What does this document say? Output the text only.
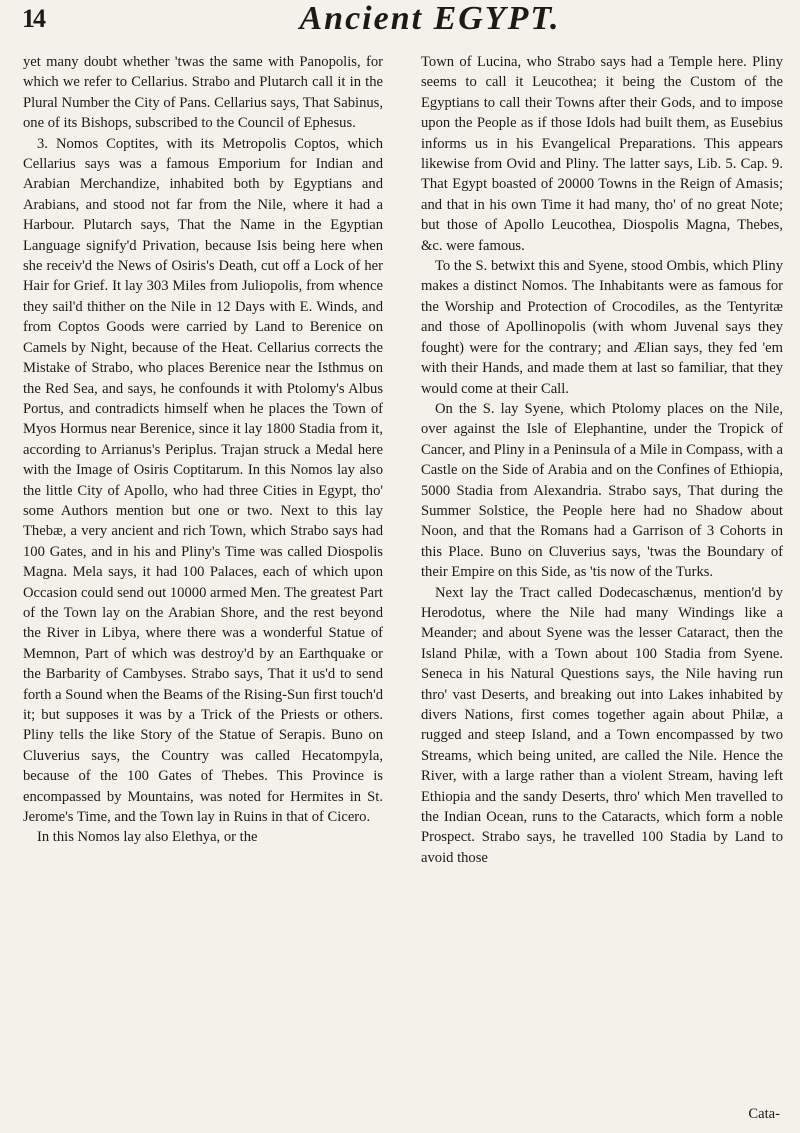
14	Ancient EGYPT.

yet many doubt whether 'twas the same with Panopolis, for which we refer to Cellarius. Strabo and Plutarch call it in the Plural Number the City of Pans. Cellarius says, That Sabinus, one of its Bishops, subscribed to the Council of Ephesus.

3. Nomos Coptites, with its Metropolis Coptos, which Cellarius says was a famous Emporium for Indian and Arabian Merchandize, inhabited both by Egyptians and Arabians, and stood not far from the Nile, where it had a Harbour. Plutarch says, That the Name in the Egyptian Language signify'd Privation, because Isis being here when she receiv'd the News of Osiris's Death, cut off a Lock of her Hair for Grief. It lay 303 Miles from Juliopolis, from whence they sail'd thither on the Nile in 12 Days with E. Winds, and from Coptos Goods were carried by Land to Berenice on Camels by Night, because of the Heat. Cellarius corrects the Mistake of Strabo, who places Berenice near the Isthmus on the Red Sea, and says, he confounds it with Ptolomy's Albus Portus, and contradicts himself when he places the Town of Myos Hormus near Berenice, since it lay 1800 Stadia from it, according to Arrianus's Periplus. Trajan struck a Medal here with the Image of Osiris Coptitarum. In this Nomos lay also the little City of Apollo, who had three Cities in Egypt, tho' some Authors mention but one or two. Next to this lay Thebæ, a very ancient and rich Town, which Strabo says had 100 Gates, and in his and Pliny's Time was called Diospolis Magna. Mela says, it had 100 Palaces, each of which upon Occasion could send out 10000 armed Men. The greatest Part of the Town lay on the Arabian Shore, and the rest beyond the River in Libya, where there was a wonderful Statue of Memnon, Part of which was destroy'd by an Earthquake or the Barbarity of Cambyses. Strabo says, That it us'd to send forth a Sound when the Beams of the Rising-Sun first touch'd it; but supposes it was by a Trick of the Priests or others. Pliny tells the like Story of the Statue of Serapis. Buno on Cluverius says, the Country was called Hecatompyla, because of the 100 Gates of Thebes. This Province is encompassed by Mountains, was noted for Hermites in St. Jerome's Time, and the Town lay in Ruins in that of Cicero.

In this Nomos lay also Elethya, or the

Town of Lucina, who Strabo says had a Temple here. Pliny seems to call it Leucothea; it being the Custom of the Egyptians to call their Towns after their Gods, and to impose upon the People as if those Idols had built them, as Eusebius informs us in his Evangelical Preparations. This appears likewise from Ovid and Pliny. The latter says, Lib. 5. Cap. 9. That Egypt boasted of 20000 Towns in the Reign of Amasis; and that in his own Time it had many, tho' of no great Note; but those of Apollo Leucothea, Diospolis Magna, Thebes, &c. were famous.

To the S. betwixt this and Syene, stood Ombis, which Pliny makes a distinct Nomos. The Inhabitants were as famous for the Worship and Protection of Crocodiles, as the Tentyritæ and those of Apollinopolis (with whom Juvenal says they fought) were for the contrary; and Ælian says, they fed 'em with their Hands, and made them at last so familiar, that they would come at their Call.

On the S. lay Syene, which Ptolomy places on the Nile, over against the Isle of Elephantine, under the Tropick of Cancer, and Pliny in a Peninsula of a Mile in Compass, with a Castle on the Side of Arabia and on the Confines of Ethiopia, 5000 Stadia from Alexandria. Strabo says, That during the Summer Solstice, the People here had no Shadow about Noon, and that the Romans had a Garrison of 3 Cohorts in this Place. Buno on Cluverius says, 'twas the Boundary of their Empire on this Side, as 'tis now of the Turks.

Next lay the Tract called Dodecaschænus, mention'd by Herodotus, where the Nile had many Windings like a Meander; and about Syene was the lesser Cataract, then the Island Philæ, with a Town about 100 Stadia from Syene. Seneca in his Natural Questions says, the Nile having run thro' vast Deserts, and breaking out into Lakes inhabited by divers Nations, first comes together again about Philæ, a rugged and steep Island, and a Town encompassed by two Streams, which being united, are called the Nile. Hence the River, with a large rather than a violent Stream, having left Ethiopia and the sandy Deserts, thro' which Men travelled to the Indian Ocean, runs to the Cataracts, which form a noble Prospect. Strabo says, he travelled 100 Stadia by Land to avoid those

Cata-
